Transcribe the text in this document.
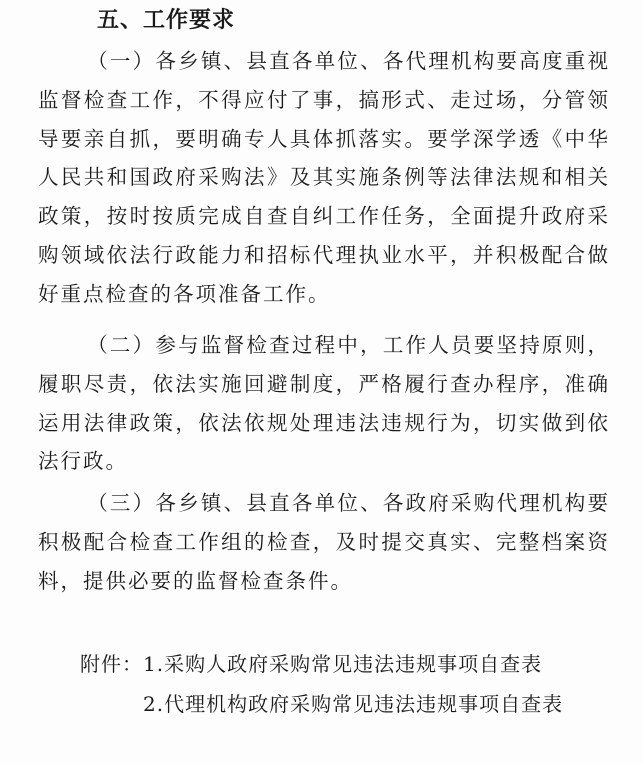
五、工作要求

（一）各乡镇、县直各单位、各代理机构要高度重视监督检查工作，不得应付了事，搞形式、走过场，分管领导要亲自抓，要明确专人具体抓落实。要学深学透《中华人民共和国政府采购法》及其实施条例等法律法规和相关政策，按时按质完成自查自纠工作任务，全面提升政府采购领域依法行政能力和招标代理执业水平，并积极配合做好重点检查的各项准备工作。

（二）参与监督检查过程中，工作人员要坚持原则，履职尽责，依法实施回避制度，严格履行查办程序，准确运用法律政策，依法依规处理违法违规行为，切实做到依法行政。

（三）各乡镇、县直各单位、各政府采购代理机构要积极配合检查工作组的检查，及时提交真实、完整档案资料，提供必要的监督检查条件。

附件：1.采购人政府采购常见违法违规事项自查表
2.代理机构政府采购常见违法违规事项自查表
